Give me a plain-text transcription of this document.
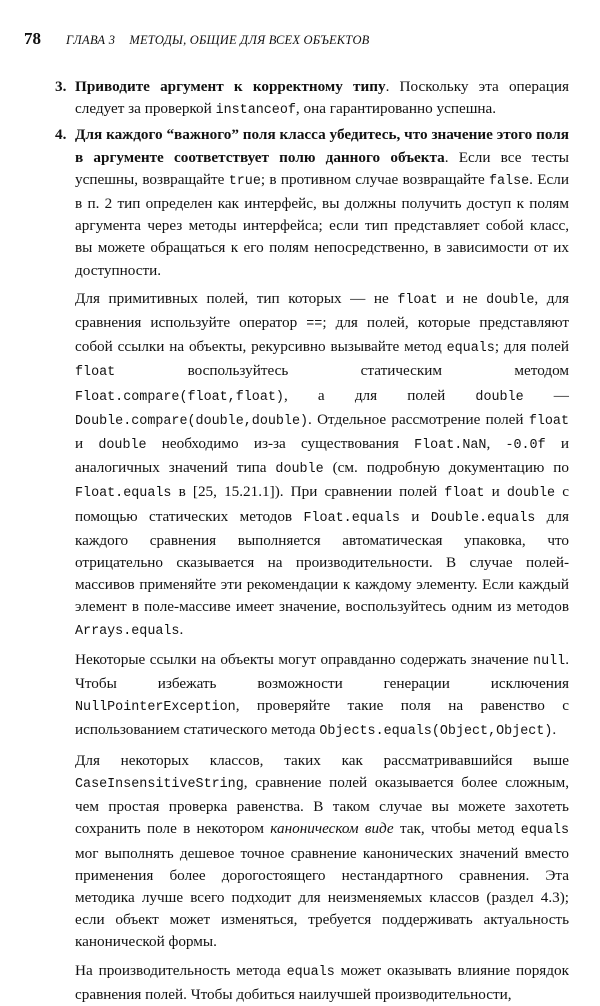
78 ГЛАВА 3 МЕТОДЫ, ОБЩИЕ ДЛЯ ВСЕХ ОБЪЕКТОВ
3. Приводите аргумент к корректному типу. Поскольку эта операция следует за проверкой instanceof, она гарантированно успешна.
4. Для каждого “важного” поля класса убедитесь, что значение этого поля в аргументе соответствует полю данного объекта. Если все тесты успешны, возвращайте true; в противном случае возвращайте false. Если в п. 2 тип определен как интерфейс, вы должны получить доступ к полям аргумента через методы интерфейса; если тип представляет собой класс, вы можете обращаться к его полям непосредственно, в зависимости от их доступности.

Для примитивных полей, тип которых — не float и не double, для сравнения используйте оператор ==; для полей, которые представляют собой ссылки на объекты, рекурсивно вызывайте метод equals; для полей float воспользуйтесь статическим методом Float.compare(float,float), а для полей double — Double.compare(double,double). Отдельное рассмотрение полей float и double необходимо из-за существования Float.NaN, -0.0f и аналогичных значений типа double (см. подробную документацию по Float.equals в [25, 15.21.1]). При сравнении полей float и double с помощью статических методов Float.equals и Double.equals для каждого сравнения выполняется автоматическая упаковка, что отрицательно сказывается на производительности. В случае полей-массивов применяйте эти рекомендации к каждому элементу. Если каждый элемент в поле-массиве имеет значение, воспользуйтесь одним из методов Arrays.equals.

Некоторые ссылки на объекты могут оправданно содержать значение null. Чтобы избежать возможности генерации исключения NullPointerException, проверяйте такие поля на равенство с использованием статического метода Objects.equals(Object,Object).

Для некоторых классов, таких как рассматривавшийся выше CaseInsensitiveString, сравнение полей оказывается более сложным, чем простая проверка равенства. В таком случае вы можете захотеть сохранить поле в некотором каноническом виде так, чтобы метод equals мог выполнять дешевое точное сравнение канонических значений вместо применения более дорогостоящего нестандартного сравнения. Эта методика лучше всего подходит для неизменяемых классов (раздел 4.3); если объект может изменяться, требуется поддерживать актуальность канонической формы.

На производительность метода equals может оказывать влияние порядок сравнения полей. Чтобы добиться наилучшей производительности,
